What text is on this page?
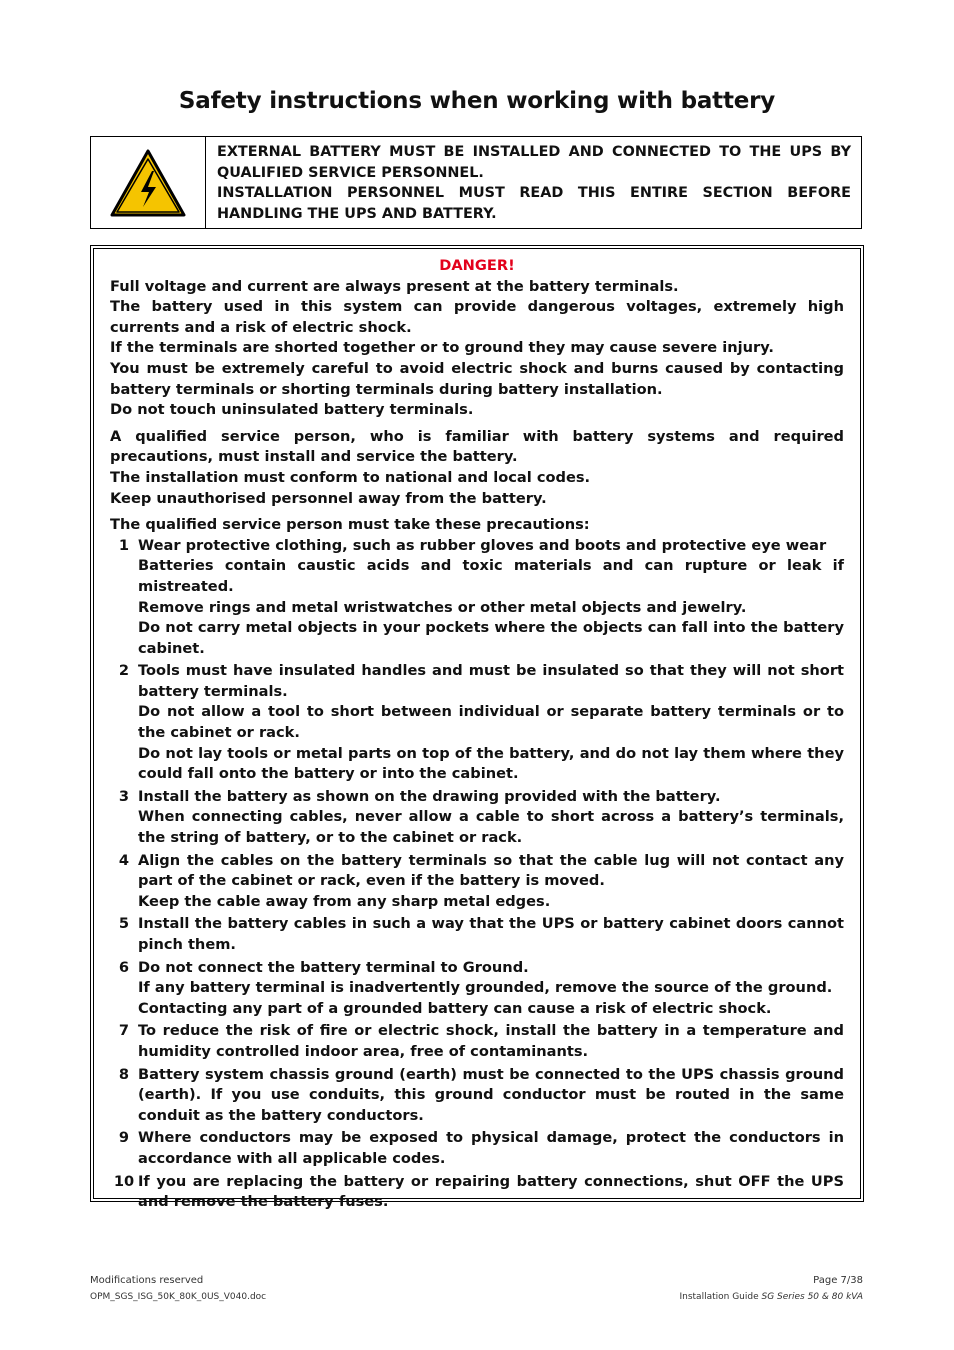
Safety instructions when working with battery

EXTERNAL BATTERY MUST BE INSTALLED AND CONNECTED TO THE UPS BY QUALIFIED SERVICE PERSONNEL.

INSTALLATION PERSONNEL MUST READ THIS ENTIRE SECTION BEFORE HANDLING THE UPS AND BATTERY.

DANGER!

Full voltage and current are always present at the battery terminals.

The battery used in this system can provide dangerous voltages, extremely high currents and a risk of electric shock.

If the terminals are shorted together or to ground they may cause severe injury.

You must be extremely careful to avoid electric shock and burns caused by contacting battery terminals or shorting terminals during battery installation.

Do not touch uninsulated battery terminals.

A qualified service person, who is familiar with battery systems and required precautions, must install and service the battery.

The installation must conform to national and local codes.

Keep unauthorised personnel away from the battery.

The qualified service person must take these precautions:

1 Wear protective clothing, such as rubber gloves and boots and protective eye wear

Batteries contain caustic acids and toxic materials and can rupture or leak if mistreated.

Remove rings and metal wristwatches or other metal objects and jewelry.

Do not carry metal objects in your pockets where the objects can fall into the battery cabinet.

2 Tools must have insulated handles and must be insulated so that they will not short battery terminals.

Do not allow a tool to short between individual or separate battery terminals or to the cabinet or rack.

Do not lay tools or metal parts on top of the battery, and do not lay them where they could fall onto the battery or into the cabinet.

3 Install the battery as shown on the drawing provided with the battery.

When connecting cables, never allow a cable to short across a battery’s terminals, the string of battery, or to the cabinet or rack.

4 Align the cables on the battery terminals so that the cable lug will not contact any part of the cabinet or rack, even if the battery is moved.

Keep the cable away from any sharp metal edges.

5 Install the battery cables in such a way that the UPS or battery cabinet doors cannot pinch them.

6 Do not connect the battery terminal to Ground.

If any battery terminal is inadvertently grounded, remove the source of the ground.

Contacting any part of a grounded battery can cause a risk of electric shock.

7 To reduce the risk of fire or electric shock, install the battery in a temperature and humidity controlled indoor area, free of contaminants.

8 Battery system chassis ground (earth) must be connected to the UPS chassis ground (earth). If you use conduits, this ground conductor must be routed in the same conduit as the battery conductors.

9 Where conductors may be exposed to physical damage, protect the conductors in accordance with all applicable codes.

10 If you are replacing the battery or repairing battery connections, shut OFF the UPS and remove the battery fuses.

Modifications reserved
OPM_SGS_ISG_50K_80K_0US_V040.doc
Page 7/38
Installation Guide SG Series 50 & 80 kVA
